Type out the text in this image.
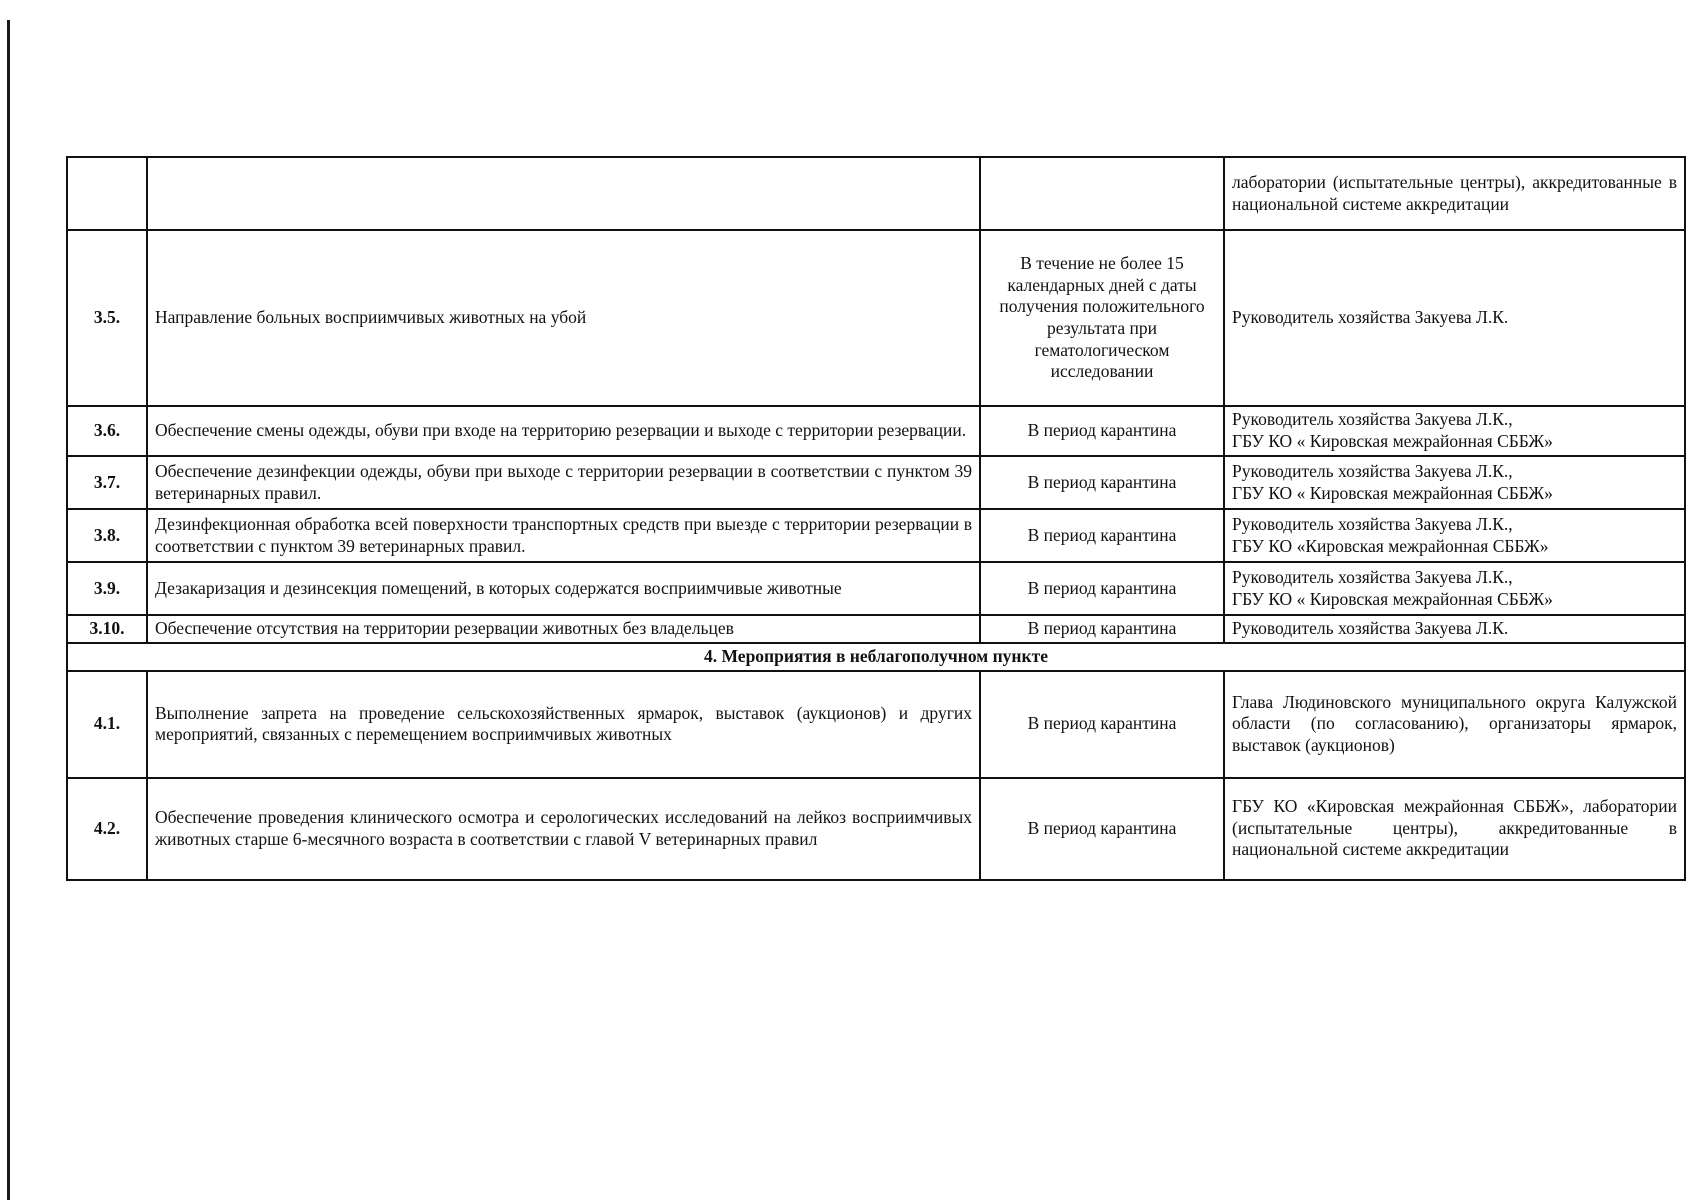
			лаборатории (испытательные центры), аккредитованные в национальной системе аккредитации
3.5.	Направление больных восприимчивых животных на убой	В течение не более 15 календарных дней с даты получения положительного результата при гематологическом исследовании	Руководитель хозяйства Закуева Л.К.

3.6.	Обеспечение смены одежды, обуви при входе на территорию резервации и выходе с территории резервации.	В период карантина	Руководитель хозяйства Закуева Л.К.,
ГБУ КО « Кировская межрайонная СББЖ»

3.7.	Обеспечение дезинфекции одежды, обуви при выходе с территории резервации в соответствии с пунктом 39 ветеринарных правил.	В период карантина	Руководитель хозяйства Закуева Л.К.,
ГБУ КО « Кировская межрайонная СББЖ»

3.8.	Дезинфекционная обработка всей поверхности транспортных средств при выезде с территории резервации в соответствии с пунктом 39 ветеринарных правил.	В период карантина	Руководитель хозяйства Закуева Л.К.,
ГБУ КО «Кировская межрайонная СББЖ»

3.9.	Дезакаризация и дезинсекция помещений, в которых содержатся восприимчивые животные	В период карантина	Руководитель хозяйства Закуева Л.К.,
ГБУ КО « Кировская межрайонная СББЖ»

3.10.	Обеспечение отсутствия на территории резервации животных без владельцев	В период карантина	Руководитель хозяйства Закуева Л.К.

4. Мероприятия в неблагополучном пункте			
4.1.	Выполнение запрета на проведение сельскохозяйственных ярмарок, выставок (аукционов) и других мероприятий, связанных с перемещением восприимчивых животных	В период карантина	Глава Людиновского муниципального округа Калужской области (по согласованию), организаторы ярмарок, выставок (аукционов)
4.2.	Обеспечение проведения клинического осмотра и серологических исследований на лейкоз восприимчивых животных старше 6-месячного возраста в соответствии с главой V ветеринарных правил	В период карантина	ГБУ КО «Кировская межрайонная СББЖ», лаборатории (испытательные центры), аккредитованные в национальной системе аккредитации
